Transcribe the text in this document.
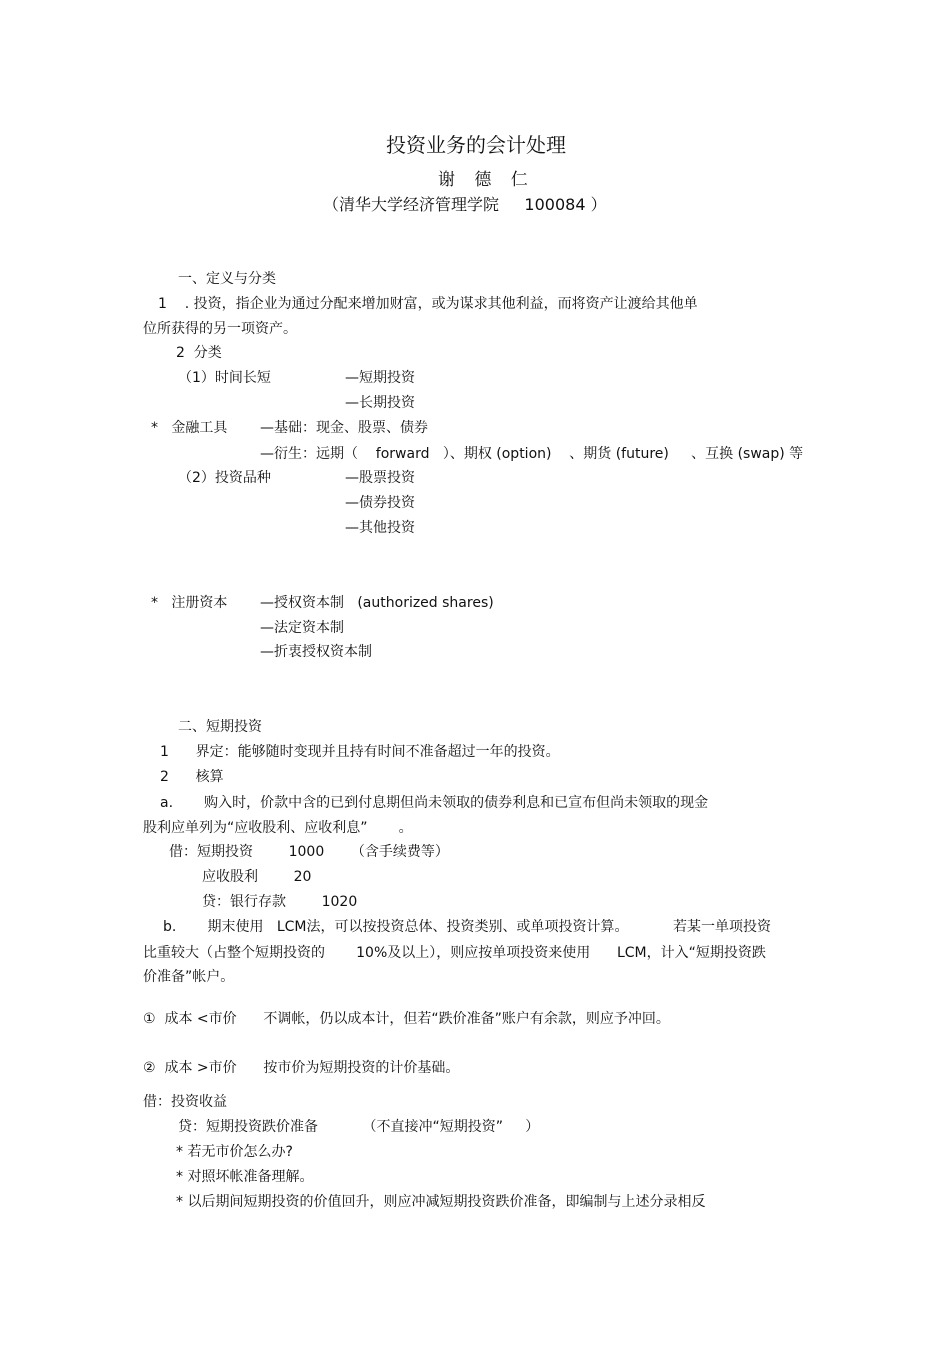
投资业务的会计处理
谢 德 仁
（清华大学经济管理学院     100084 ）
一、定义与分类
1    . 投资，指企业为通过分配来增加财富，或为谋求其他利益，而将资产让渡给其他单
位所获得的另一项资产。
2  分类
（1）时间长短	—短期投资
—长期投资
*   金融工具 —基础：现金、股票、债券
—衍生：远期（    forward   ）、期权 (option)    、期货 (future)     、互换 (swap) 等
（2）投资品种	—股票投资
—债券投资
—其他投资
*   注册资本 —授权资本制   (authorized shares)
—法定资本制
—折衷授权资本制
二、短期投资
1      界定：能够随时变现并且持有时间不准备超过一年的投资。
2      核算
a.       购入时，价款中含的已到付息期但尚未领取的债券利息和已宣布但尚未领取的现金
股利应单列为“应收股利、应收利息”       。
借：短期投资        1000      （含手续费等）
应收股利        20
贷：银行存款        1020
b.       期末使用   LCM法，可以按投资总体、投资类别、或单项投资计算。          若某一单项投资
比重较大（占整个短期投资的       10%及以上），则应按单项投资来使用      LCM，计入“短期投资跌
价准备”帐户。
①  成本 <市价      不调帐，仍以成本计，但若“跌价准备”账户有余款，则应予冲回。
②  成本 >市价      按市价为短期投资的计价基础。
借：投资收益
贷：短期投资跌价准备          （不直接冲“短期投资”     ）
* 若无市价怎么办?
* 对照坏帐准备理解。
* 以后期间短期投资的价值回升，则应冲减短期投资跌价准备，即编制与上述分录相反
